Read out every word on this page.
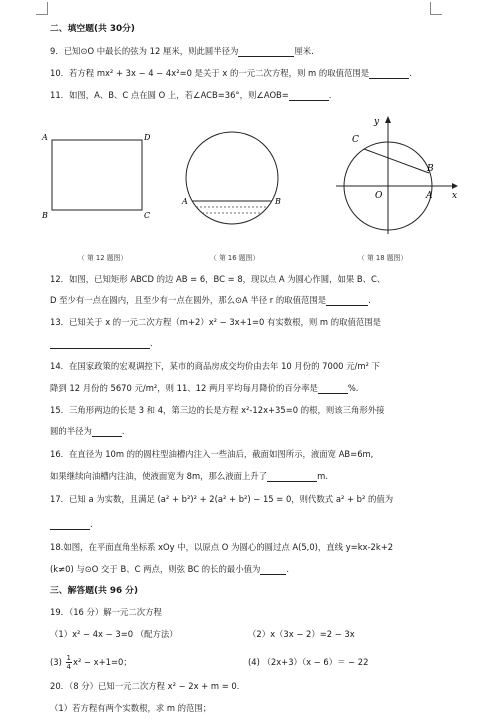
二、填空题(共 30分)
9．已知⊙O 中最长的弦为 12 厘米，则此圆半径为	厘米.
10．若方程 mx² + 3x − 4 − 4x²=0 是关于 x 的一元二次方程，则 m 的取值范围是	.
11．如图，A、B、C 点在圆 O 上，若∠ACB=36°，则∠AOB=	.
A	D
B	C
A	B
y
x
C
B
O	A
（ 第 12 题图）	（ 第 16 题图）	（ 第 18 题图）
12．如图，已知矩形 ABCD 的边 AB = 6，BC = 8，现以点 A 为圆心作圆，如果 B、C、
D 至少有一点在圆内，且至少有一点在圆外，那么⊙A 半径 r 的取值范围是	.
13．已知关于 x 的一元二次方程（m+2）x² − 3x+1=0 有实数根，则 m 的取值范围是
.
14．在国家政策的宏观调控下，某市的商品房成交均价由去年 10 月份的 7000 元/m² 下
降到 12 月份的 5670 元/m²，则 11、12 两月平均每月降价的百分率是	%.
15．三角形两边的长是 3 和 4，第三边的长是方程 x²-12x+35=0 的根，则该三角形外接
圆的半径为	.
16．在直径为 10m 的的圆柱型油槽内注入一些油后，截面如图所示，液面宽 AB=6m,
如果继续向油槽内注油，使液面宽为 8m，那么液面上升了	m.
17．已知 a 为实数，且满足 (a² + b²)² + 2(a² + b²) − 15 = 0，则代数式 a² + b² 的值为
.
18.如图，在平面直角坐标系 xOy 中，以原点 O 为圆心的圆过点 A(5,0)，直线 y=kx-2k+2
(k≠0) 与⊙O 交于 B、C 两点，则弦 BC 的长的最小值为	.
三、解答题(共 96 分)
19．（16 分）解一元二次方程
（1）x² − 4x − 3=0 （配方法）	（2）x（3x − 2）=2 − 3x
$(3) \frac{1}{4} x^2 - x+1=0$；	(4) （2x+3）（x − 6）＝ − 22
20．（8 分）已知一元二次方程 x² − 2x + m = 0．
（1）若方程有两个实数根，求 m 的范围；
